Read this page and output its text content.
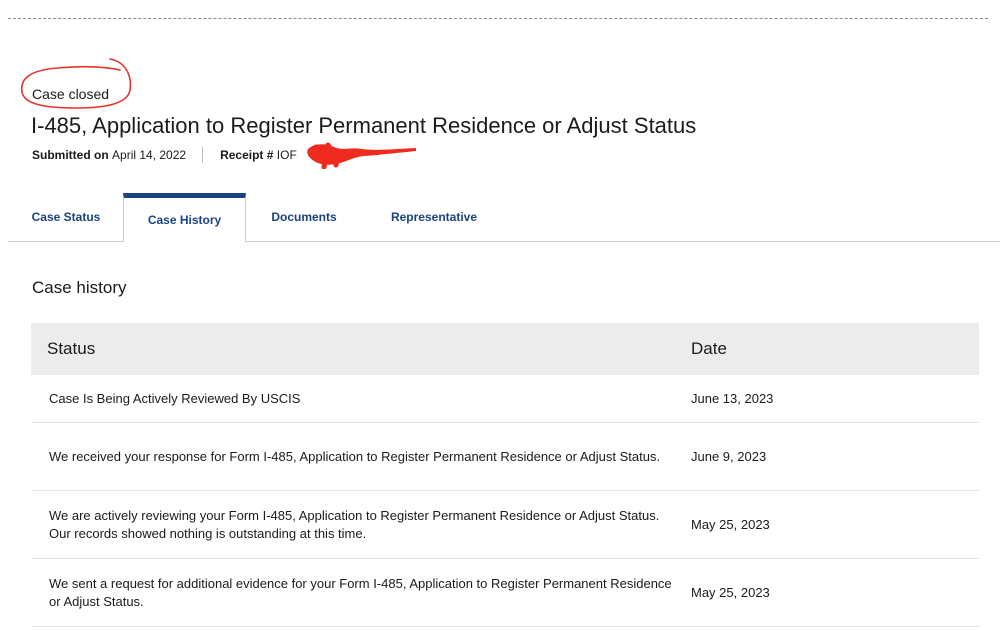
Case closed
I-485, Application to Register Permanent Residence or Adjust Status
Submitted on
April 14, 2022	Receipt #
IOF
Case Status	Case History	Documents	Representative
Case history
Status	Date
Case Is Being Actively Reviewed By USCIS	June 13, 2023
We received your response for Form I-485, Application to Register Permanent Residence or Adjust Status.	June 9, 2023
We are actively reviewing your Form I-485, Application to Register Permanent Residence or Adjust Status. Our records showed nothing is outstanding at this time.	May 25, 2023
We sent a request for additional evidence for your Form I-485, Application to Register Permanent Residence or Adjust Status.	May 25, 2023
